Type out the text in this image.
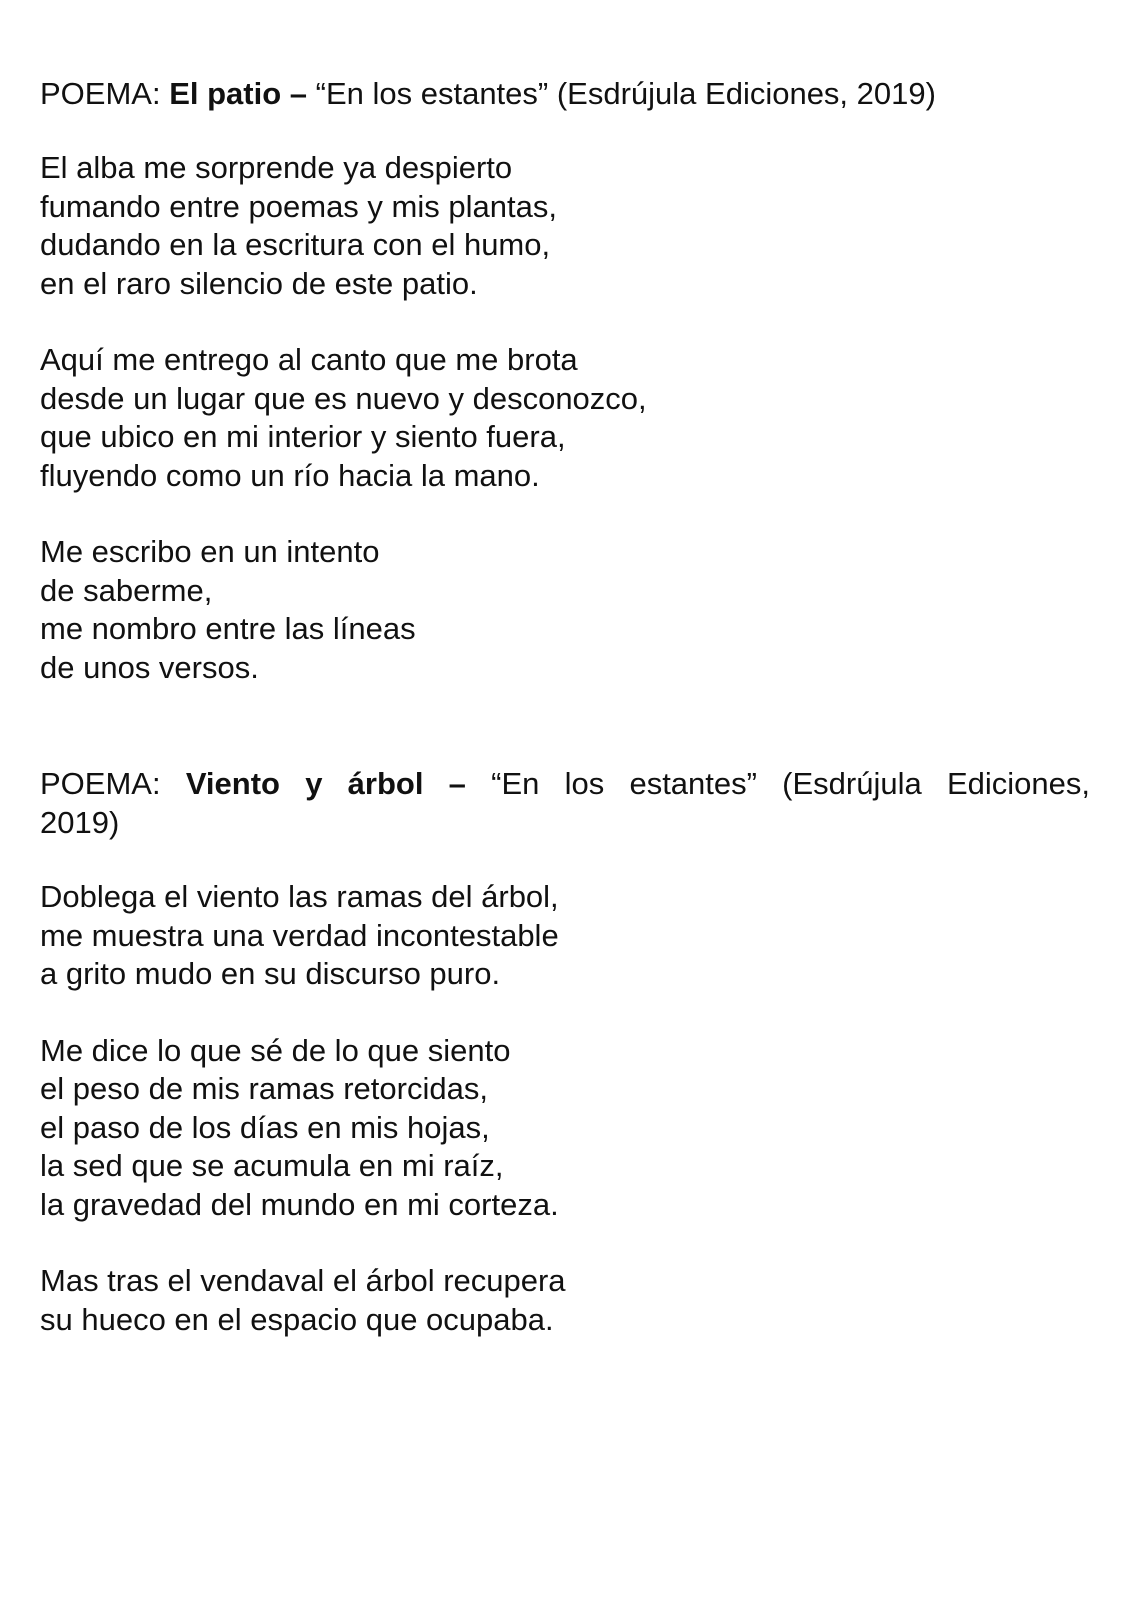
POEMA: El patio – “En los estantes” (Esdrújula Ediciones, 2019)

El alba me sorprende ya despierto
fumando entre poemas y mis plantas,
dudando en la escritura con el humo,
en el raro silencio de este patio.
Aquí me entrego al canto que me brota
desde un lugar que es nuevo y desconozco,
que ubico en mi interior y siento fuera,
fluyendo como un río hacia la mano.
Me escribo en un intento
de saberme,
me nombro entre las líneas
de unos versos.

POEMA: Viento y árbol – “En los estantes” (Esdrújula Ediciones, 2019)

Doblega el viento las ramas del árbol,
me muestra una verdad incontestable
a grito mudo en su discurso puro.
Me dice lo que sé de lo que siento
el peso de mis ramas retorcidas,
el paso de los días en mis hojas,
la sed que se acumula en mi raíz,
la gravedad del mundo en mi corteza.
Mas tras el vendaval el árbol recupera
su hueco en el espacio que ocupaba.
